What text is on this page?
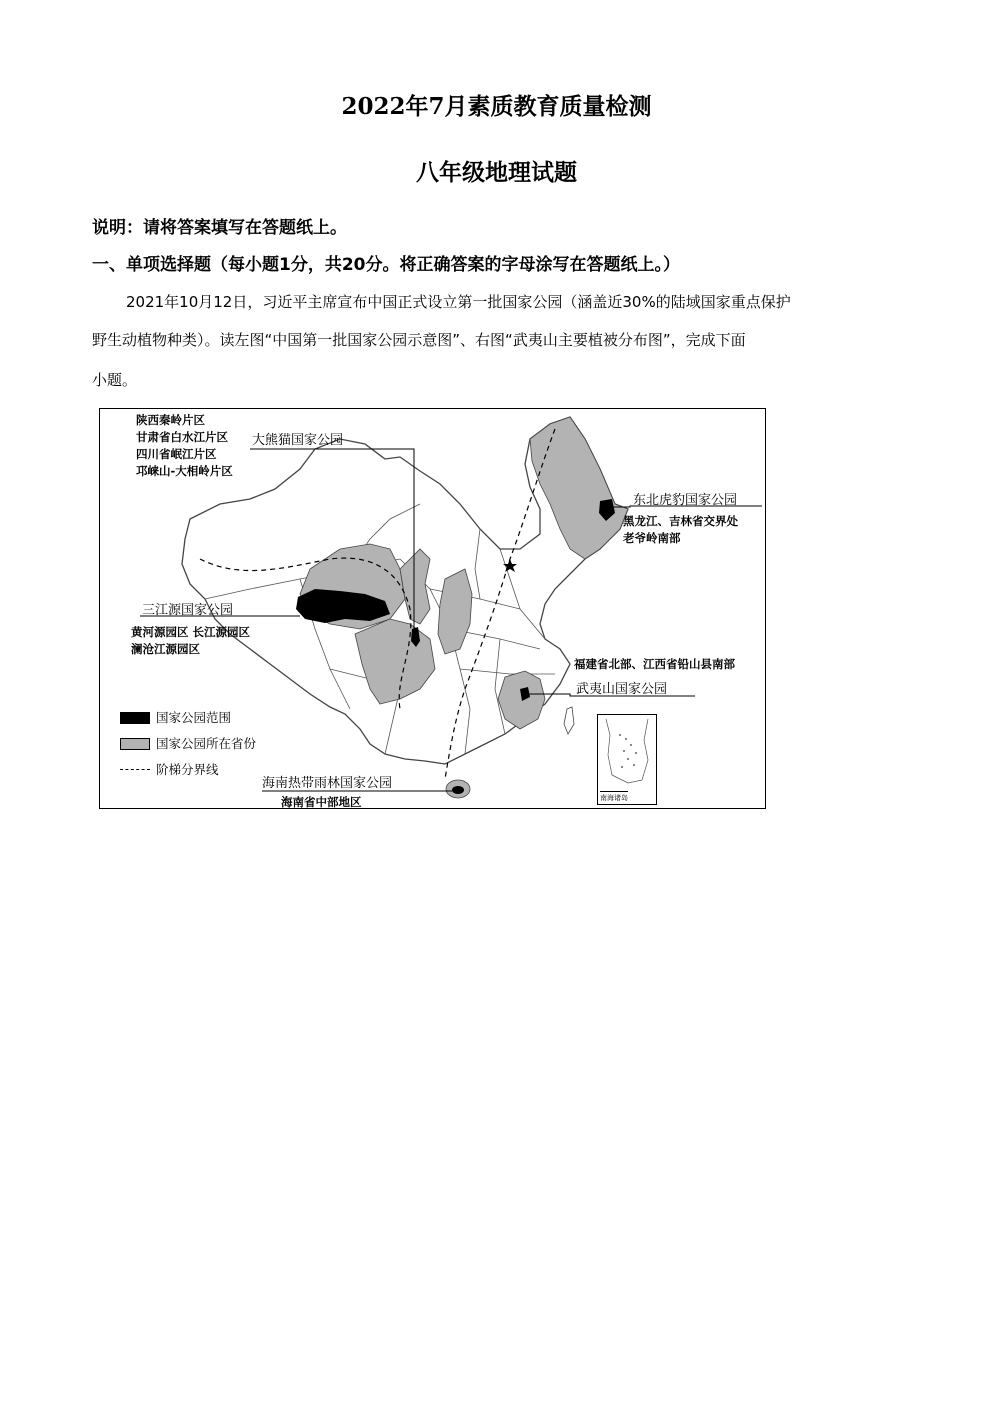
2022年7月素质教育质量检测
八年级地理试题
说明：请将答案填写在答题纸上。
一、单项选择题（每小题1分，共20分。将正确答案的字母涂写在答题纸上。）
2021年10月12日，习近平主席宣布中国正式设立第一批国家公园（涵盖近30%的陆域国家重点保护
野生动植物种类）。读左图“中国第一批国家公园示意图”、右图“武夷山主要植被分布图”，完成下面
小题。
陕西秦岭片区
甘肃省白水江片区
四川省岷江片区
邛崃山-大相岭片区
大熊猫国家公园
东北虎豹国家公园
黑龙江、吉林省交界处
老爷岭南部
三江源国家公园
黄河源园区 长江源园区
澜沧江源园区
福建省北部、江西省铅山县南部
武夷山国家公园
海南热带雨林国家公园
海南省中部地区
国家公园范围
国家公园所在省份
阶梯分界线
南海诸岛
